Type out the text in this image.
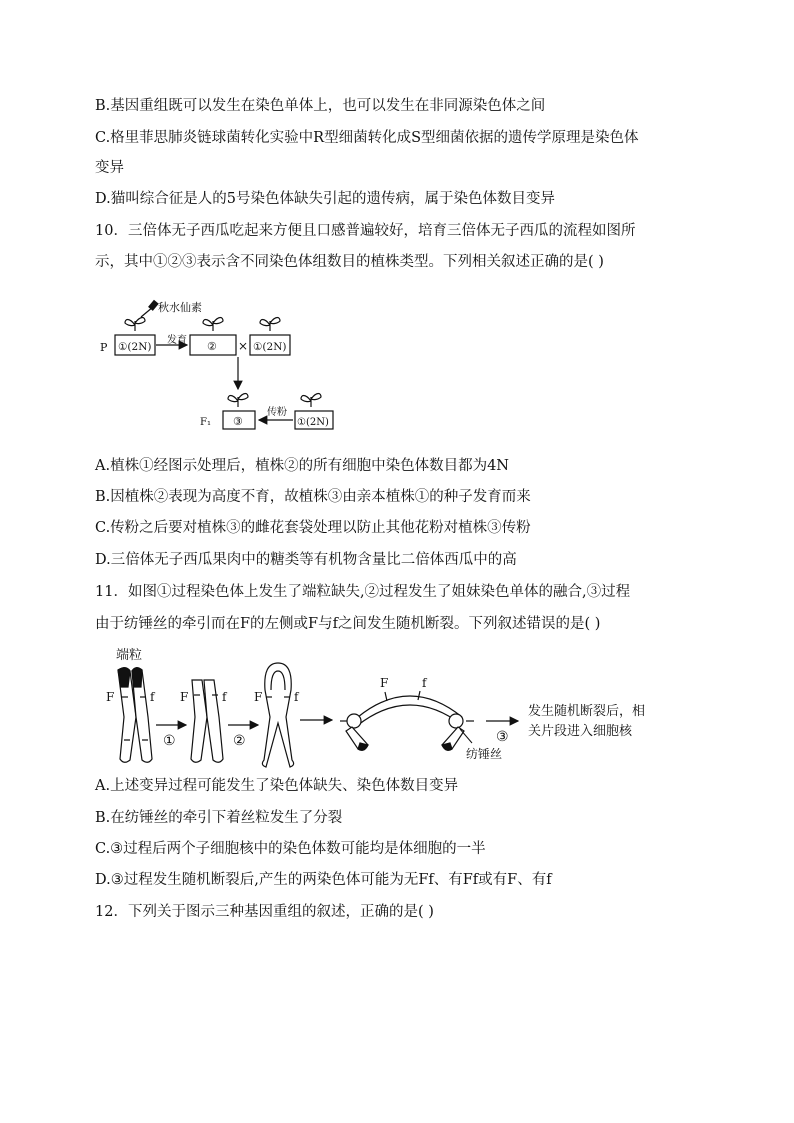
B.基因重组既可以发生在染色单体上，也可以发生在非同源染色体之间
C.格里菲思肺炎链球菌转化实验中R型细菌转化成S型细菌依据的遗传学原理是染色体
变异
D.猫叫综合征是人的5号染色体缺失引起的遗传病，属于染色体数目变异
10．三倍体无子西瓜吃起来方便且口感普遍较好，培育三倍体无子西瓜的流程如图所
示，其中①②③表示含不同染色体组数目的植株类型。下列相关叙述正确的是( )
秋水仙素
P ①(2N)
发育 ② × ①(2N)
F₁ ③
传粉
①(2N)
A.植株①经图示处理后，植株②的所有细胞中染色体数目都为4N
B.因植株②表现为高度不育，故植株③由亲本植株①的种子发育而来
C.传粉之后要对植株③的雌花套袋处理以防止其他花粉对植株③传粉
D.三倍体无子西瓜果肉中的糖类等有机物含量比二倍体西瓜中的高
11．如图①过程染色体上发生了端粒缺失,②过程发生了姐妹染色单体的融合,③过程
由于纺锤丝的牵引而在F的左侧或F与f之间发生随机断裂。下列叙述错误的是( )
端粒
F	f
①
F	f
②
F	f
F	f
纺锤丝
③
发生随机断裂后，相
关片段进入细胞核
A.上述变异过程可能发生了染色体缺失、染色体数目变异
B.在纺锤丝的牵引下着丝粒发生了分裂
C.③过程后两个子细胞核中的染色体数可能均是体细胞的一半
D.③过程发生随机断裂后,产生的两染色体可能为无Ff、有Ff或有F、有f
12．下列关于图示三种基因重组的叙述，正确的是( )
